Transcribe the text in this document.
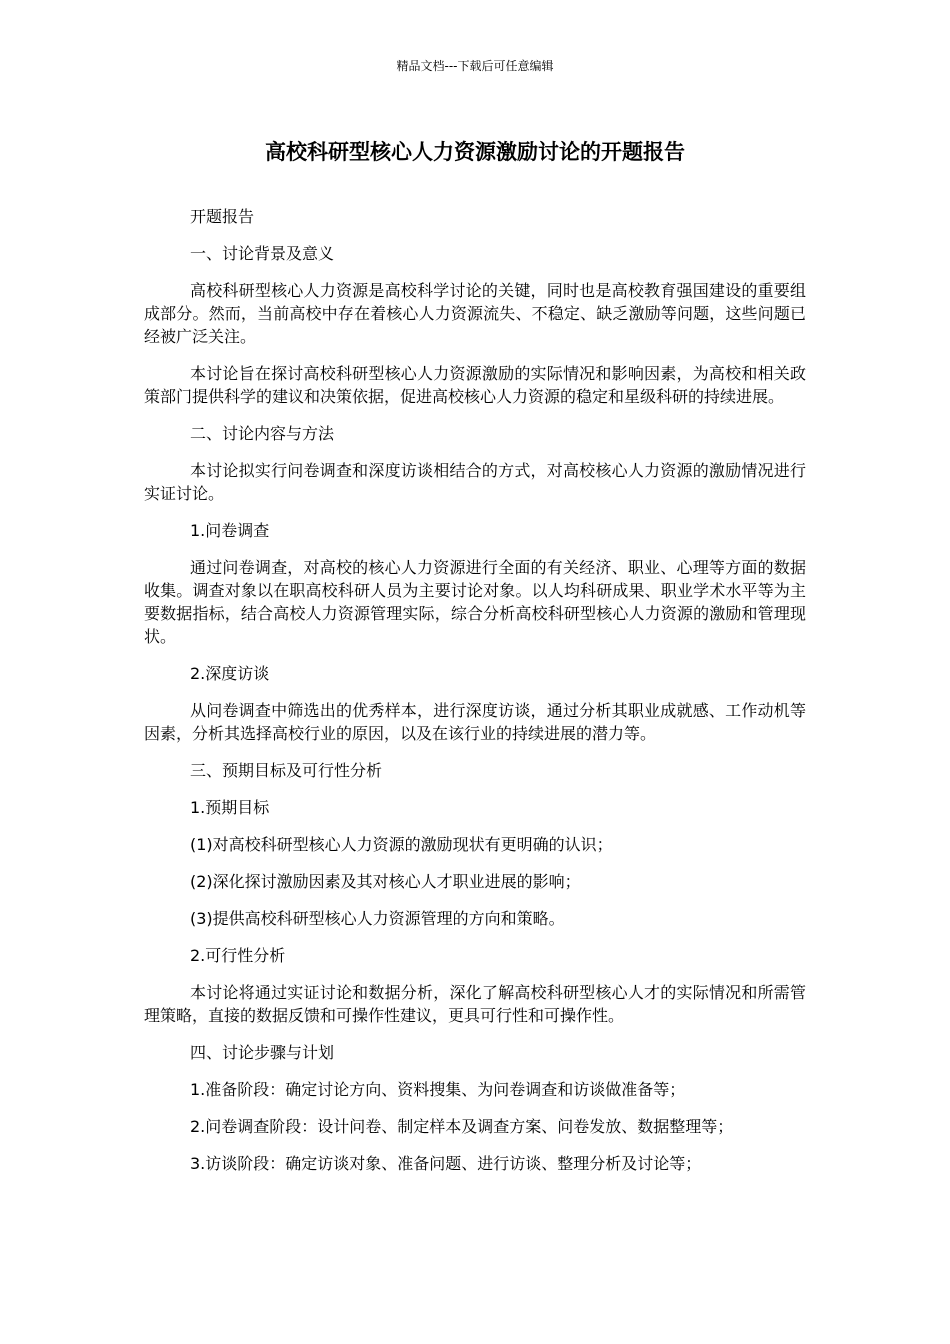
精品文档---下载后可任意编辑
高校科研型核心人力资源激励讨论的开题报告

开题报告

一、讨论背景及意义

高校科研型核心人力资源是高校科学讨论的关键，同时也是高校教育强国建设的重要组成部分。然而，当前高校中存在着核心人力资源流失、不稳定、缺乏激励等问题，这些问题已经被广泛关注。

本讨论旨在探讨高校科研型核心人力资源激励的实际情况和影响因素，为高校和相关政策部门提供科学的建议和决策依据，促进高校核心人力资源的稳定和星级科研的持续进展。

二、讨论内容与方法

本讨论拟实行问卷调查和深度访谈相结合的方式，对高校核心人力资源的激励情况进行实证讨论。

1.问卷调查

通过问卷调查，对高校的核心人力资源进行全面的有关经济、职业、心理等方面的数据收集。调查对象以在职高校科研人员为主要讨论对象。以人均科研成果、职业学术水平等为主要数据指标，结合高校人力资源管理实际，综合分析高校科研型核心人力资源的激励和管理现状。

2.深度访谈

从问卷调查中筛选出的优秀样本，进行深度访谈，通过分析其职业成就感、工作动机等因素，分析其选择高校行业的原因，以及在该行业的持续进展的潜力等。

三、预期目标及可行性分析

1.预期目标

(1)对高校科研型核心人力资源的激励现状有更明确的认识；

(2)深化探讨激励因素及其对核心人才职业进展的影响；

(3)提供高校科研型核心人力资源管理的方向和策略。

2.可行性分析

本讨论将通过实证讨论和数据分析，深化了解高校科研型核心人才的实际情况和所需管理策略，直接的数据反馈和可操作性建议，更具可行性和可操作性。

四、讨论步骤与计划

1.准备阶段：确定讨论方向、资料搜集、为问卷调查和访谈做准备等；

2.问卷调查阶段：设计问卷、制定样本及调查方案、问卷发放、数据整理等；

3.访谈阶段：确定访谈对象、准备问题、进行访谈、整理分析及讨论等；
